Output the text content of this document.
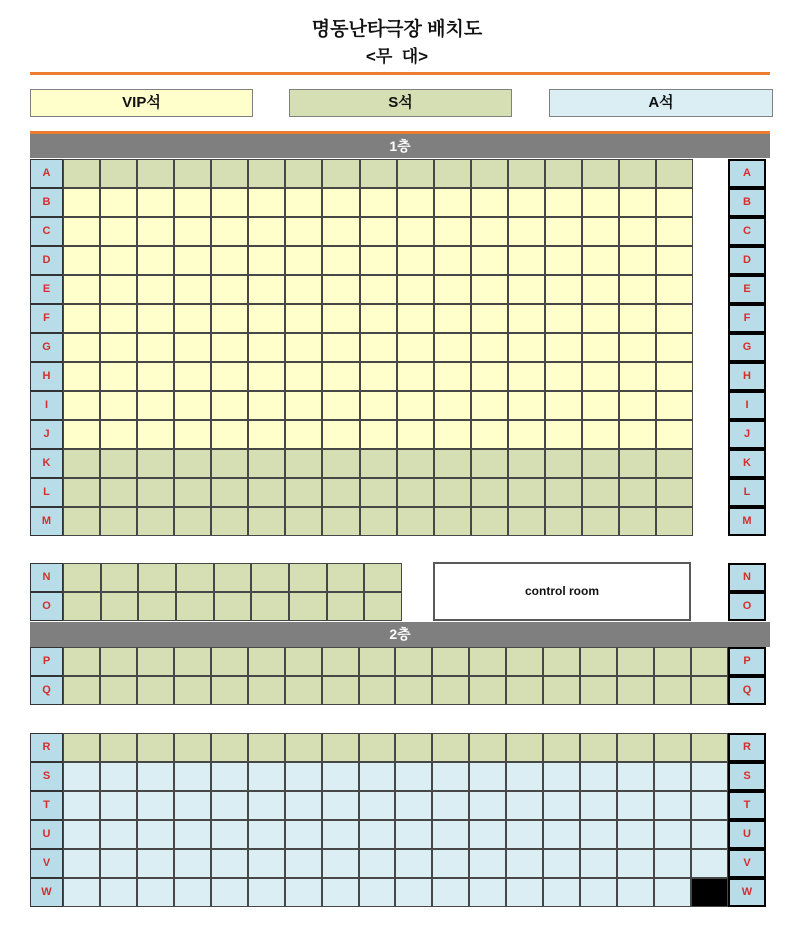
명동난타극장 배치도
<무  대>
VIP석	S석	A석
1층
A	A
B	B
C	C
D	D
E	E
F	F
G	G
H	H
I	I
J	J
K	K
L	L
M	M
N	N
O	O
control room
2층
P	P
Q	Q
R	R
S	S
T	T
U	U
V	V
W	W
